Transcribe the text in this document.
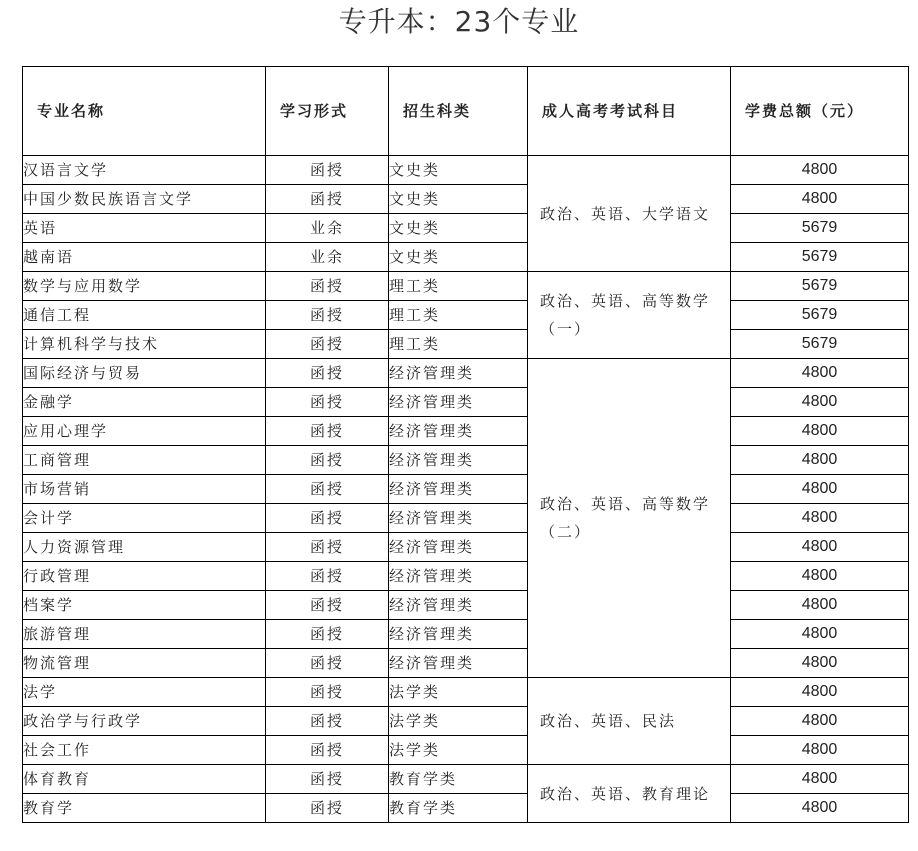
专升本：23个专业
专业名称	学习形式	招生科类	成人高考考试科目	学费总额（元）
汉语言文学	函授	文史类	政治、英语、大学语文	4800
中国少数民族语言文学	函授	文史类		4800
英语	业余	文史类		5679
越南语	业余	文史类		5679
数学与应用数学	函授	理工类	政治、英语、高等数学（一）	5679
通信工程	函授	理工类		5679
计算机科学与技术	函授	理工类		5679
国际经济与贸易	函授	经济管理类	政治、英语、高等数学（二）	4800
金融学	函授	经济管理类		4800
应用心理学	函授	经济管理类		4800
工商管理	函授	经济管理类		4800
市场营销	函授	经济管理类		4800
会计学	函授	经济管理类		4800
人力资源管理	函授	经济管理类		4800
行政管理	函授	经济管理类		4800
档案学	函授	经济管理类		4800
旅游管理	函授	经济管理类		4800
物流管理	函授	经济管理类		4800
法学	函授	法学类	政治、英语、民法	4800
政治学与行政学	函授	法学类		4800
社会工作	函授	法学类		4800
体育教育	函授	教育学类	政治、英语、教育理论	4800
教育学	函授	教育学类		4800
